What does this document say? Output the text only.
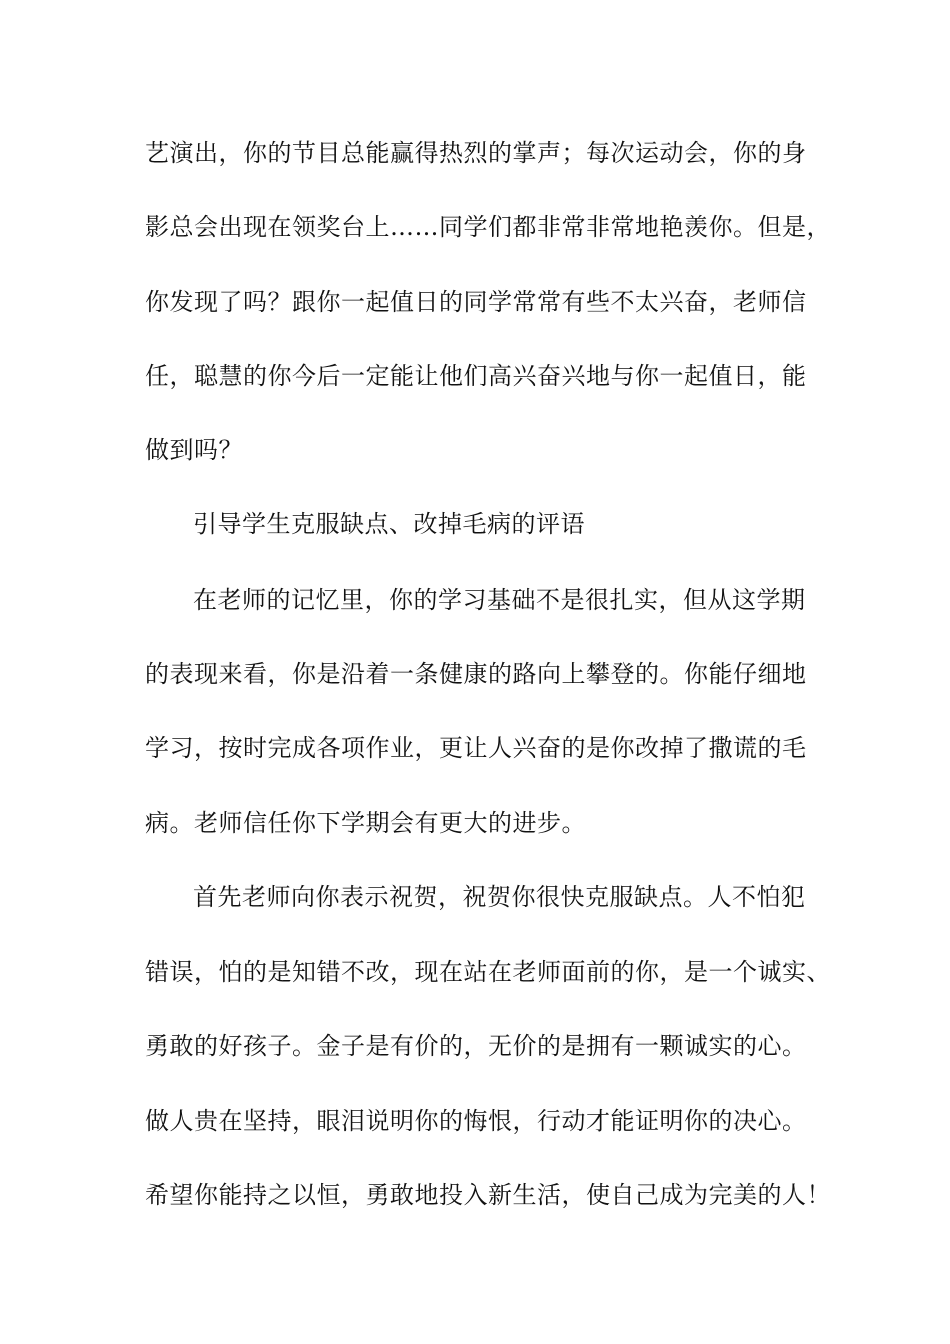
艺演出，你的节目总能赢得热烈的掌声；每次运动会，你的身
影总会出现在领奖台上……同学们都非常非常地艳羡你。但是，
你发现了吗？跟你一起值日的同学常常有些不太兴奋，老师信
任，聪慧的你今后一定能让他们高兴奋兴地与你一起值日，能
做到吗？
引导学生克服缺点、改掉毛病的评语
在老师的记忆里，你的学习基础不是很扎实，但从这学期
的表现来看，你是沿着一条健康的路向上攀登的。你能仔细地
学习，按时完成各项作业，更让人兴奋的是你改掉了撒谎的毛
病。老师信任你下学期会有更大的进步。
首先老师向你表示祝贺，祝贺你很快克服缺点。人不怕犯
错误，怕的是知错不改，现在站在老师面前的你，是一个诚实、
勇敢的好孩子。金子是有价的，无价的是拥有一颗诚实的心。
做人贵在坚持，眼泪说明你的悔恨，行动才能证明你的决心。
希望你能持之以恒，勇敢地投入新生活，使自己成为完美的人！
